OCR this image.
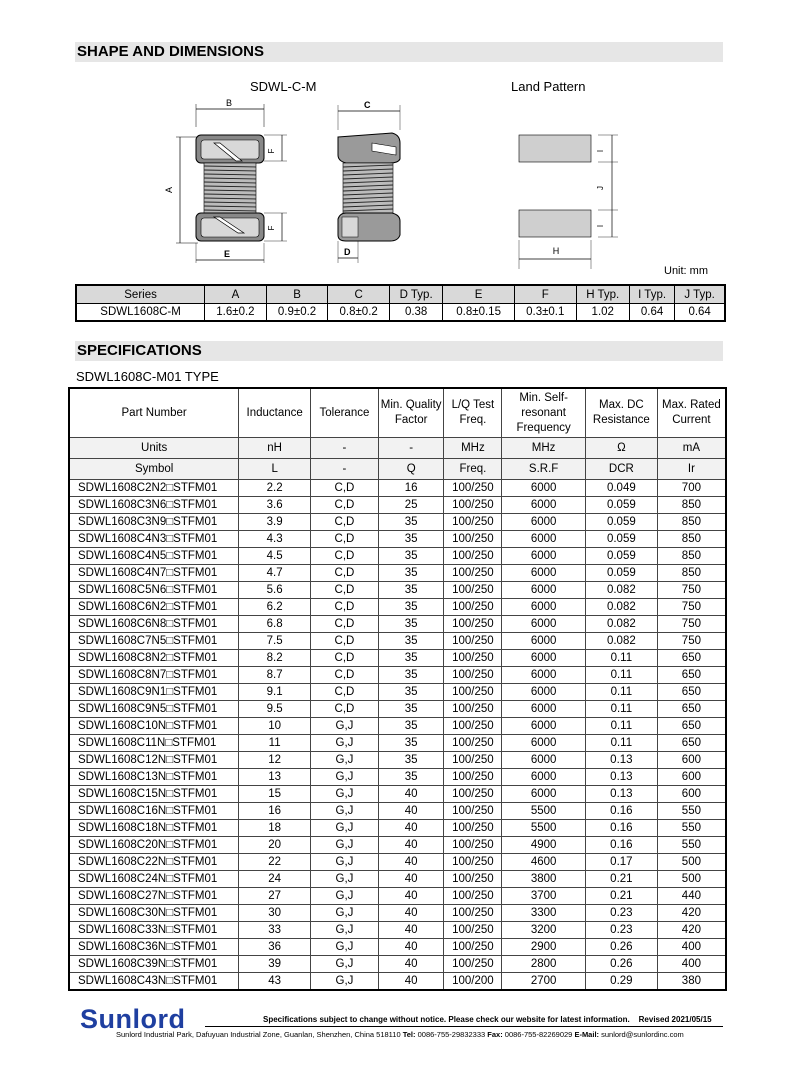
SHAPE AND DIMENSIONS
SDWL-C-M	Land Pattern
B
A
F
F
E
C
D
I
J
I
H
Unit: mm
Series	A	B	C	D Typ.	E	F	H Typ.	I Typ.	J Typ.
SDWL1608C-M	1.6±0.2	0.9±0.2	0.8±0.2	0.38	0.8±0.15	0.3±0.1	1.02	0.64	0.64
SPECIFICATIONS
SDWL1608C-M01 TYPE
Part Number	Inductance	Tolerance	Min. Quality Factor	L/Q Test Freq.	Min. Self-resonant Frequency	Max. DC Resistance	Max. Rated Current
Units	nH	-	-	MHz	MHz	Ω	mA
Symbol	L	-	Q	Freq.	S.R.F	DCR	Ir
SDWL1608C2N2□STFM01	2.2	C,D	16	100/250	6000	0.049	700
SDWL1608C3N6□STFM01	3.6	C,D	25	100/250	6000	0.059	850
SDWL1608C3N9□STFM01	3.9	C,D	35	100/250	6000	0.059	850
SDWL1608C4N3□STFM01	4.3	C,D	35	100/250	6000	0.059	850
SDWL1608C4N5□STFM01	4.5	C,D	35	100/250	6000	0.059	850
SDWL1608C4N7□STFM01	4.7	C,D	35	100/250	6000	0.059	850
SDWL1608C5N6□STFM01	5.6	C,D	35	100/250	6000	0.082	750
SDWL1608C6N2□STFM01	6.2	C,D	35	100/250	6000	0.082	750
SDWL1608C6N8□STFM01	6.8	C,D	35	100/250	6000	0.082	750
SDWL1608C7N5□STFM01	7.5	C,D	35	100/250	6000	0.082	750
SDWL1608C8N2□STFM01	8.2	C,D	35	100/250	6000	0.11	650
SDWL1608C8N7□STFM01	8.7	C,D	35	100/250	6000	0.11	650
SDWL1608C9N1□STFM01	9.1	C,D	35	100/250	6000	0.11	650
SDWL1608C9N5□STFM01	9.5	C,D	35	100/250	6000	0.11	650
SDWL1608C10N□STFM01	10	G,J	35	100/250	6000	0.11	650
SDWL1608C11N□STFM01	11	G,J	35	100/250	6000	0.11	650
SDWL1608C12N□STFM01	12	G,J	35	100/250	6000	0.13	600
SDWL1608C13N□STFM01	13	G,J	35	100/250	6000	0.13	600
SDWL1608C15N□STFM01	15	G,J	40	100/250	6000	0.13	600
SDWL1608C16N□STFM01	16	G,J	40	100/250	5500	0.16	550
SDWL1608C18N□STFM01	18	G,J	40	100/250	5500	0.16	550
SDWL1608C20N□STFM01	20	G,J	40	100/250	4900	0.16	550
SDWL1608C22N□STFM01	22	G,J	40	100/250	4600	0.17	500
SDWL1608C24N□STFM01	24	G,J	40	100/250	3800	0.21	500
SDWL1608C27N□STFM01	27	G,J	40	100/250	3700	0.21	440
SDWL1608C30N□STFM01	30	G,J	40	100/250	3300	0.23	420
SDWL1608C33N□STFM01	33	G,J	40	100/250	3200	0.23	420
SDWL1608C36N□STFM01	36	G,J	40	100/250	2900	0.26	400
SDWL1608C39N□STFM01	39	G,J	40	100/250	2800	0.26	400
SDWL1608C43N□STFM01	43	G,J	40	100/200	2700	0.29	380
Sunlord	Specifications subject to change without notice. Please check our website for latest information. Revised 2021/05/15
Sunlord Industrial Park, Dafuyuan Industrial Zone, Guanlan, Shenzhen, China 518110 Tel: 0086-755-29832333 Fax: 0086-755-82269029 E-Mail: sunlord@sunlordinc.com
